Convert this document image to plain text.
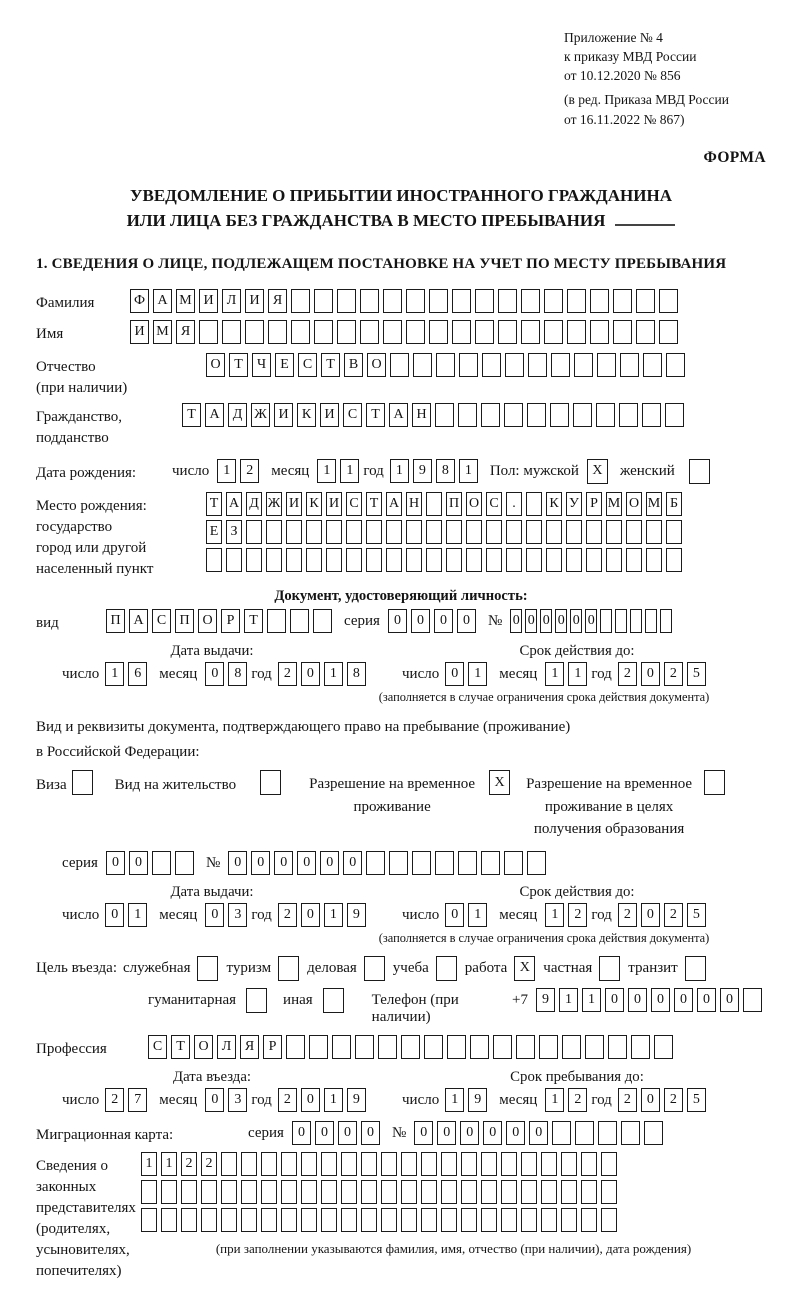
Приложение № 4
к приказу МВД России
от 10.12.2020 № 856
(в ред. Приказа МВД России
от 16.11.2022 № 867)
ФОРМА
УВЕДОМЛЕНИЕ О ПРИБЫТИИ ИНОСТРАННОГО ГРАЖДАНИНА
ИЛИ ЛИЦА БЕЗ ГРАЖДАНСТВА В МЕСТО ПРЕБЫВАНИЯ
1. СВЕДЕНИЯ О ЛИЦЕ, ПОДЛЕЖАЩЕМ ПОСТАНОВКЕ НА УЧЕТ ПО МЕСТУ ПРЕБЫВАНИЯ
Фамилия	Ф А М И Л И Я
Имя	И М Я
Отчество
(при наличии)
О Т	Ч	Е	С	Т	В О
Гражданство,
подданство
Т А Д Ж И К И С	Т А Н
Дата рождения:	число	1	2	месяц	1	1 год 1	9	8	1	Пол: мужской X	женский
Место рождения:
государство
город или другой
населенный пункт
Т А Д Ж И К И С Т А Н П О С .	К У Р М О М Б
Е З
Документ, удостоверяющий личность:
вид	П А С П О	Р	Т	серия	0	0	0	0	№ 0 0 0 0 0 0
Дата выдачи:
число 1	6	месяц	0	8 год 2	0	1	8
Срок действия до:
число 0	1	месяц	1	1 год 2	0	2	5
(заполняется в случае ограничения срока действия документа)
Вид и реквизиты документа, подтверждающего право на пребывание (проживание)
в Российской Федерации:
Виза	Вид на жительство	Разрешение на временное
проживание
X	Разрешение на временное
проживание в целях
получения образования
серия	0	0	№	0	0	0	0	0	0
Дата выдачи:
число 0	1	месяц	0	3 год 2	0	1	9
Срок действия до:
число 0	1	месяц	1	2 год 2	0	2	5
(заполняется в случае ограничения срока действия документа)
Цель въезда: служебная туризм деловая учеба работа X частная транзит
гуманитарная	иная	Телефон (при наличии)
+7	9	1	1	0	0	0	0	0	0
Профессия	С	Т О Л Я	Р
Дата въезда:
число 2	7	месяц	0	3 год 2	0	1	9
Срок пребывания до:
число 1	9	месяц	1	2 год 2	0	2	5
Миграционная карта:	серия	0	0	0	0	№	0	0	0	0	0	0
Сведения о
законных
представителях
(родителях,
усыновителях,
попечителях)
1 1 2 2
(при заполнении указываются фамилия, имя, отчество (при наличии), дата рождения)
